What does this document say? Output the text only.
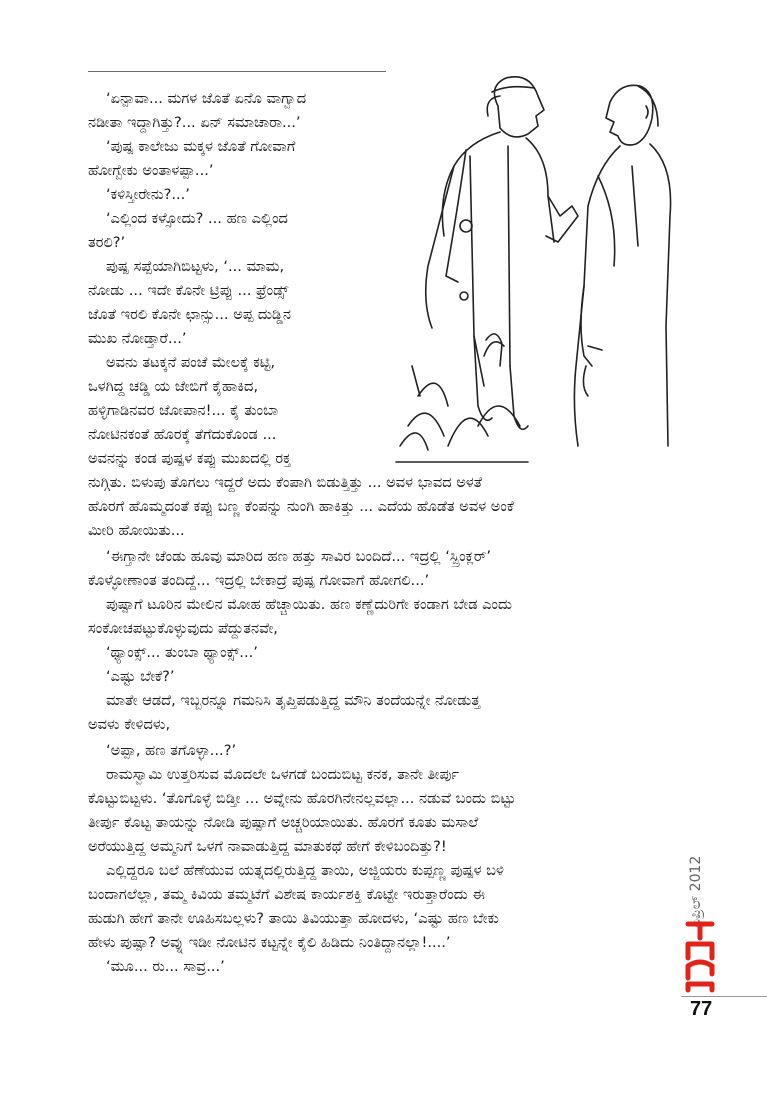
‘ಏನ್ಪಾವಾ... ಮಗಳ ಜೊತೆ ಏನೊ ವಾಗ್ವಾದ
ನಡೀತಾ ಇದ್ದಾಗಿತ್ತು?... ಏನ್ ಸಮಾಚಾರಾ...’
‘ಪುಷ್ಪ ಕಾಲೇಜು ಮಕ್ಕಳ ಜೊತೆ ಗೋವಾಗೆ
ಹೋಗ್ಬೇಕು ಅಂತಾಳಪ್ಪಾ...’
‘ಕಳಿಸ್ತೀರೇನು?...’
‘ಎಲ್ಲಿಂದ ಕಳ್ಸೋದು? ... ಹಣ ಎಲ್ಲಿಂದ
ತರಲಿ?’
ಪುಷ್ಪ ಸಪ್ಪೆಯಾಗಿಬಿಟ್ಟಳು, ‘... ಮಾಮ,
ನೋಡು ... ಇದೇ ಕೊನೇ ಟ್ರಿಪ್ಪು ... ಫ್ರೆಂಡ್ಸ್
ಜೊತೆ ಇರಲಿ ಕೊನೇ ಛಾನ್ಸು... ಅಪ್ಪ ದುಡ್ಡಿನ
ಮುಖ ನೋಡ್ತಾರೆ...’
ಅವನು ತಟಕ್ಕನೆ ಪಂಚೆ ಮೇಲಕ್ಕೆ ಕಟ್ಟಿ,
ಒಳಗಿದ್ದ ಚಡ್ಡಿ ಯ ಜೇಬಿಗೆ ಕೈಹಾಕಿದ,
ಹಳ್ಳಿಗಾಡಿನವರ ಜೋಪಾನ!... ಕೈ ತುಂಬಾ
ನೋಟಿನಕಂತೆ ಹೊರಕ್ಕೆ ತೆಗೆದುಕೊಂಡ ...
ಅವನನ್ನು ಕಂಡ ಪುಷ್ಪಳ ಕಪ್ಪು ಮುಖದಲ್ಲಿ ರಕ್ತ
ನುಗ್ಗಿತು. ಬಿಳುಪು ತೊಗಲು ಇದ್ದರೆ ಅದು ಕೆಂಪಾಗಿ ಬಿಡುತ್ತಿತ್ತು ... ಅವಳ ಭಾವದ ಅಳತೆ
ಹೊರಗೆ ಹೊಮ್ಮದಂತೆ ಕಪ್ಪು ಬಣ್ಣ ಕೆಂಪನ್ನು ನುಂಗಿ ಹಾಕಿತ್ತು ... ಎದೆಯ ಹೊಡೆತ ಅವಳ ಅಂಕೆ
ಮೀರಿ ಹೋಯಿತು...
‘ಈಗ್ತಾನೇ ಚೆಂಡು ಹೂವು ಮಾರಿದ ಹಣ ಹತ್ತು ಸಾವಿರ ಬಂದಿದೆ... ಇದ್ರಲ್ಲಿ ‘ಸ್ಪ್ರಿಂಕ್ಲರ್’
ಕೊಳ್ಳೋಣಾಂತ ತಂದಿದ್ದೆ... ಇದ್ರಲ್ಲಿ ಬೇಕಾದ್ರೆ ಪುಷ್ಪ ಗೋವಾಗೆ ಹೋಗಲಿ...’
ಪುಷ್ಪಾಗೆ ಟೂರಿನ ಮೇಲಿನ ಮೋಹ ಹೆಚ್ಚಾಯಿತು. ಹಣ ಕಣ್ಣೆದುರಿಗೇ ಕಂಡಾಗ ಬೇಡ ಎಂದು
ಸಂಕೋಚಪಟ್ಟುಕೊಳ್ಳುವುದು ಪೆದ್ದುತನವೇ,
‘ಥ್ಯಾಂಕ್ಸ್... ತುಂಬಾ ಥ್ಯಾಂಕ್ಸ್...’
‘ಎಷ್ಟು ಬೇಕೆ?’
ಮಾತೇ ಆಡದೆ, ಇಬ್ಬರನ್ನೂ ಗಮನಿಸಿ ತೃಪ್ತಿಪಡುತ್ತಿದ್ದ ಮೌನಿ ತಂದೆಯನ್ನೇ ನೋಡುತ್ತ
ಅವಳು ಕೇಳಿದಳು,
‘ಅಪ್ಪಾ, ಹಣ ತಗೊಳ್ಳಾ...?’
ರಾಮಸ್ವಾಮಿ ಉತ್ತರಿಸುವ ಮೊದಲೇ ಒಳಗಡೆ ಬಂದುಬಿಟ್ಟ ಕನಕ, ತಾನೇ ತೀರ್ಪು
ಕೊಟ್ಟುಬಿಟ್ಟಳು. ‘ತೊಗೊಳ್ಳೆ ಬಿಡ್ತೀ ... ಅವ್ನೇನು ಹೊರಗಿನೇನಲ್ಲವಲ್ಲಾ... ನಡುವೆ ಬಂದು ಬಿಟ್ಟು
ತೀರ್ಪು ಕೊಟ್ಟ ತಾಯನ್ನು ನೋಡಿ ಪುಷ್ಪಾಗೆ ಅಚ್ಚರಿಯಾಯಿತು. ಹೊರಗೆ ಕೂತು ಮಸಾಲೆ
ಅರೆಯುತ್ತಿದ್ದ ಅಮ್ಮನಿಗೆ ಒಳಗೆ ನಾವಾಡುತ್ತಿದ್ದ ಮಾತುಕಥೆ ಹೇಗೆ ಕೇಳಿಬಂದಿತ್ತು?!
ಎಲ್ಲಿದ್ದರೂ ಬಲೆ ಹೆಣೆಯುವ ಯತ್ನದಲ್ಲಿರುತ್ತಿದ್ದ ತಾಯಿ, ಅಜ್ಜಿಯರು ಕುಪ್ಪಣ್ಣ ಪುಷ್ಪಳ ಬಳಿ
ಬಂದಾಗಲೆಲ್ಲಾ, ತಮ್ಮ ಕಿವಿಯ ತಮ್ಮಟೆಗೆ ವಿಶೇಷ ಕಾರ್ಯಶಕ್ತಿ ಕೊಟ್ಟೇ ಇರುತ್ತಾರೆಂದು ಈ
ಹುಡುಗಿ ಹೇಗೆ ತಾನೇ ಊಹಿಸಬಲ್ಲಳು? ತಾಯಿ ತಿವಿಯುತ್ತಾ ಹೋದಳು, ‘ಎಷ್ಟು ಹಣ ಬೇಕು
ಹೇಳು ಪುಷ್ಪಾ? ಅವ್ನು ಇಡೀ ನೋಟಿನ ಕಟ್ಟನ್ನೇ ಕೈಲಿ ಹಿಡಿದು ನಿಂತಿದ್ದಾನಲ್ಲಾ!....’
‘ಮೂ... ರು... ಸಾವ್ರ...’
ಏಪ್ರಿಲ್ 2012
77
